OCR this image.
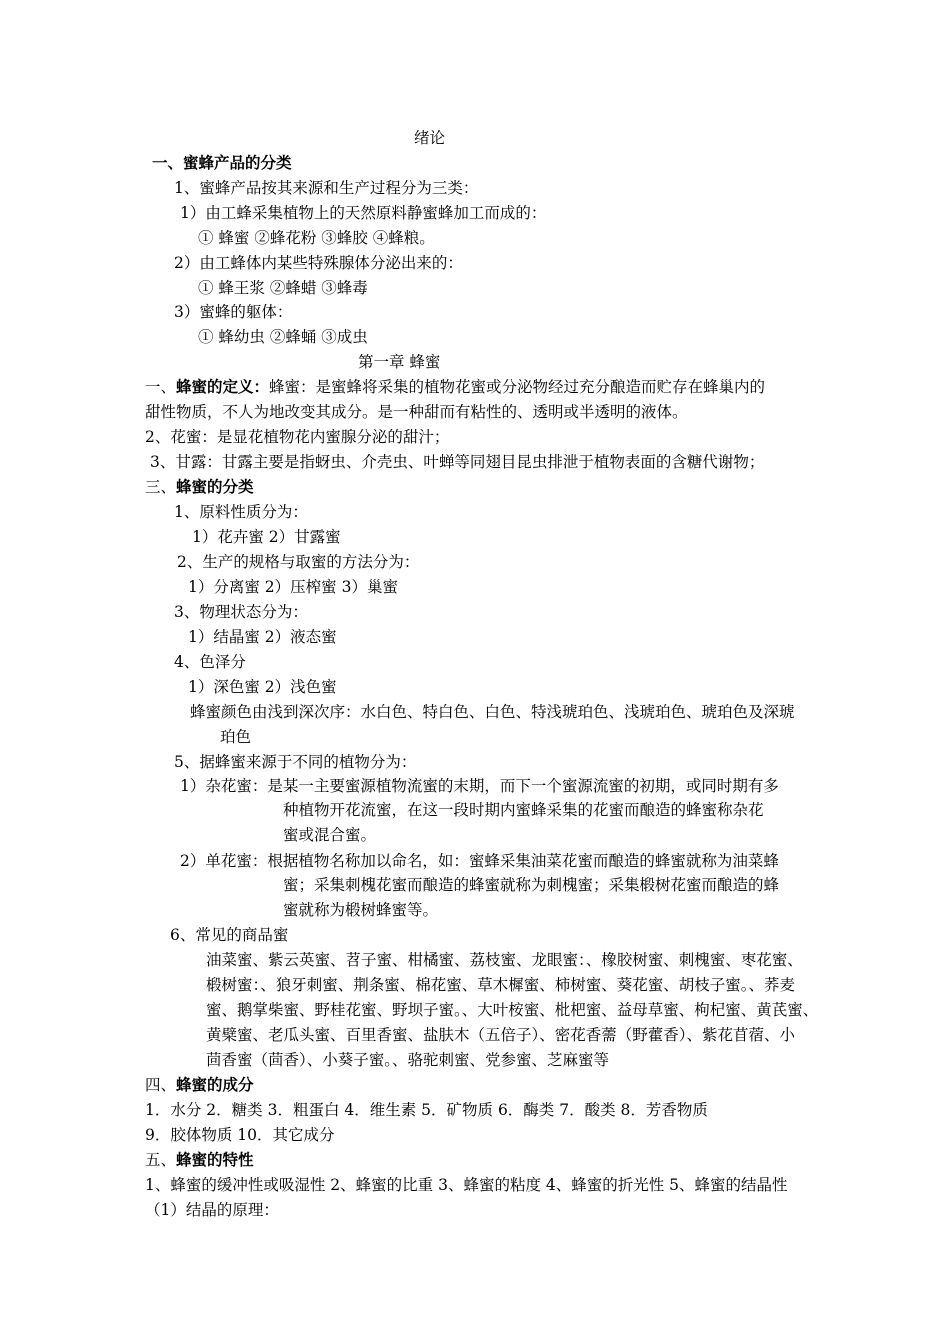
绪论
一、蜜蜂产品的分类
1、蜜蜂产品按其来源和生产过程分为三类：
1）由工蜂采集植物上的天然原料静蜜蜂加工而成的：
① 蜂蜜 ②蜂花粉 ③蜂胶 ④蜂粮。
2）由工蜂体内某些特殊腺体分泌出来的：
① 蜂王浆 ②蜂蜡 ③蜂毒
3）蜜蜂的躯体：
① 蜂幼虫 ②蜂蛹 ③成虫
第一章 蜂蜜
一、蜂蜜的定义：蜂蜜：是蜜蜂将采集的植物花蜜或分泌物经过充分酿造而贮存在蜂巢内的
甜性物质，不人为地改变其成分。是一种甜而有粘性的、透明或半透明的液体。
2、花蜜：是显花植物花内蜜腺分泌的甜汁；
3、甘露：甘露主要是指蚜虫、介壳虫、叶蝉等同翅目昆虫排泄于植物表面的含糖代谢物；
三、蜂蜜的分类
1、原料性质分为：
1）花卉蜜 2）甘露蜜
2、生产的规格与取蜜的方法分为：
1）分离蜜 2）压榨蜜 3）巢蜜
3、物理状态分为：
1）结晶蜜 2）液态蜜
4、色泽分
1）深色蜜 2）浅色蜜
蜂蜜颜色由浅到深次序：水白色、特白色、白色、特浅琥珀色、浅琥珀色、琥珀色及深琥
珀色
5、据蜂蜜来源于不同的植物分为：
1）杂花蜜：是某一主要蜜源植物流蜜的末期，而下一个蜜源流蜜的初期，或同时期有多
种植物开花流蜜，在这一段时期内蜜蜂采集的花蜜而酿造的蜂蜜称杂花
蜜或混合蜜。
2）单花蜜：根据植物名称加以命名，如：蜜蜂采集油菜花蜜而酿造的蜂蜜就称为油菜蜂
蜜；采集刺槐花蜜而酿造的蜂蜜就称为刺槐蜜；采集椴树花蜜而酿造的蜂
蜜就称为椴树蜂蜜等。
6、常见的商品蜜
油菜蜜、紫云英蜜、苕子蜜、柑橘蜜、荔枝蜜、龙眼蜜：、橡胶树蜜、刺槐蜜、枣花蜜、
椴树蜜：、狼牙刺蜜、荆条蜜、棉花蜜、草木樨蜜、柿树蜜、葵花蜜、胡枝子蜜。、荞麦
蜜、鹅掌柴蜜、野桂花蜜、野坝子蜜。、大叶桉蜜、枇杷蜜、益母草蜜、枸杞蜜、黄芪蜜、
黄檗蜜、老瓜头蜜、百里香蜜、盐肤木（五倍子）、密花香薷（野藿香）、紫花苜蓿、小
茴香蜜（茴香）、小葵子蜜。、骆驼刺蜜、党参蜜、芝麻蜜等
四、蜂蜜的成分
1．水分 2．糖类 3．粗蛋白 4．维生素 5．矿物质 6．酶类 7．酸类 8．芳香物质
9．胶体物质 10．其它成分
五、蜂蜜的特性
1、蜂蜜的缓冲性或吸湿性 2、蜂蜜的比重 3、蜂蜜的粘度 4、蜂蜜的折光性 5、蜂蜜的结晶性
（1）结晶的原理：
